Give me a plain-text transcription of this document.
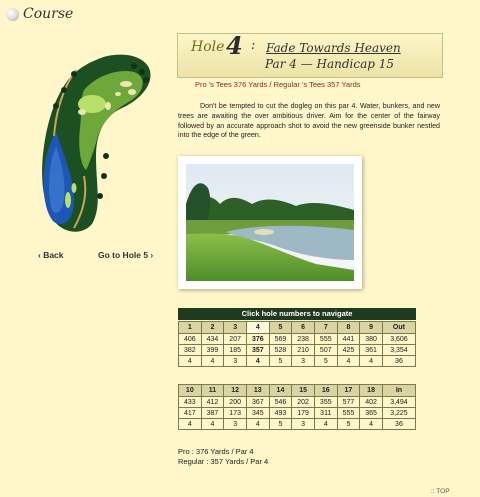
Course
‹ Back	Go to Hole 5 ›
Hole 4 : Fade Towards Heaven
Par 4 — Handicap 15
Pro 's Tees 376 Yards / Regular 's Tees 357 Yards
Don't be tempted to cut the dogleg on this par 4. Water, bunkers, and new trees are awaiting the over ambitious driver. Aim for the center of the fairway followed by an accurate approach shot to avoid the new greenside bunker nestled into the edge of the green.
Click hole numbers to navigate
1	2	3	4	5	6	7	8	9	Out
406	434	207	376	569	238	555	441	380	3,606
382	399	185	357	528	210	507	425	361	3,354
4	4	3	4	5	3	5	4	4	36
10	11	12	13	14	15	16	17	18	In
433	412	200	367	546	202	355	577	402	3,494
417	387	173	345	493	179	311	555	365	3,225
4	4	3	4	5	3	4	5	4	36
Pro : 376 Yards / Par 4
Regular : 357 Yards / Par 4
:: TOP
